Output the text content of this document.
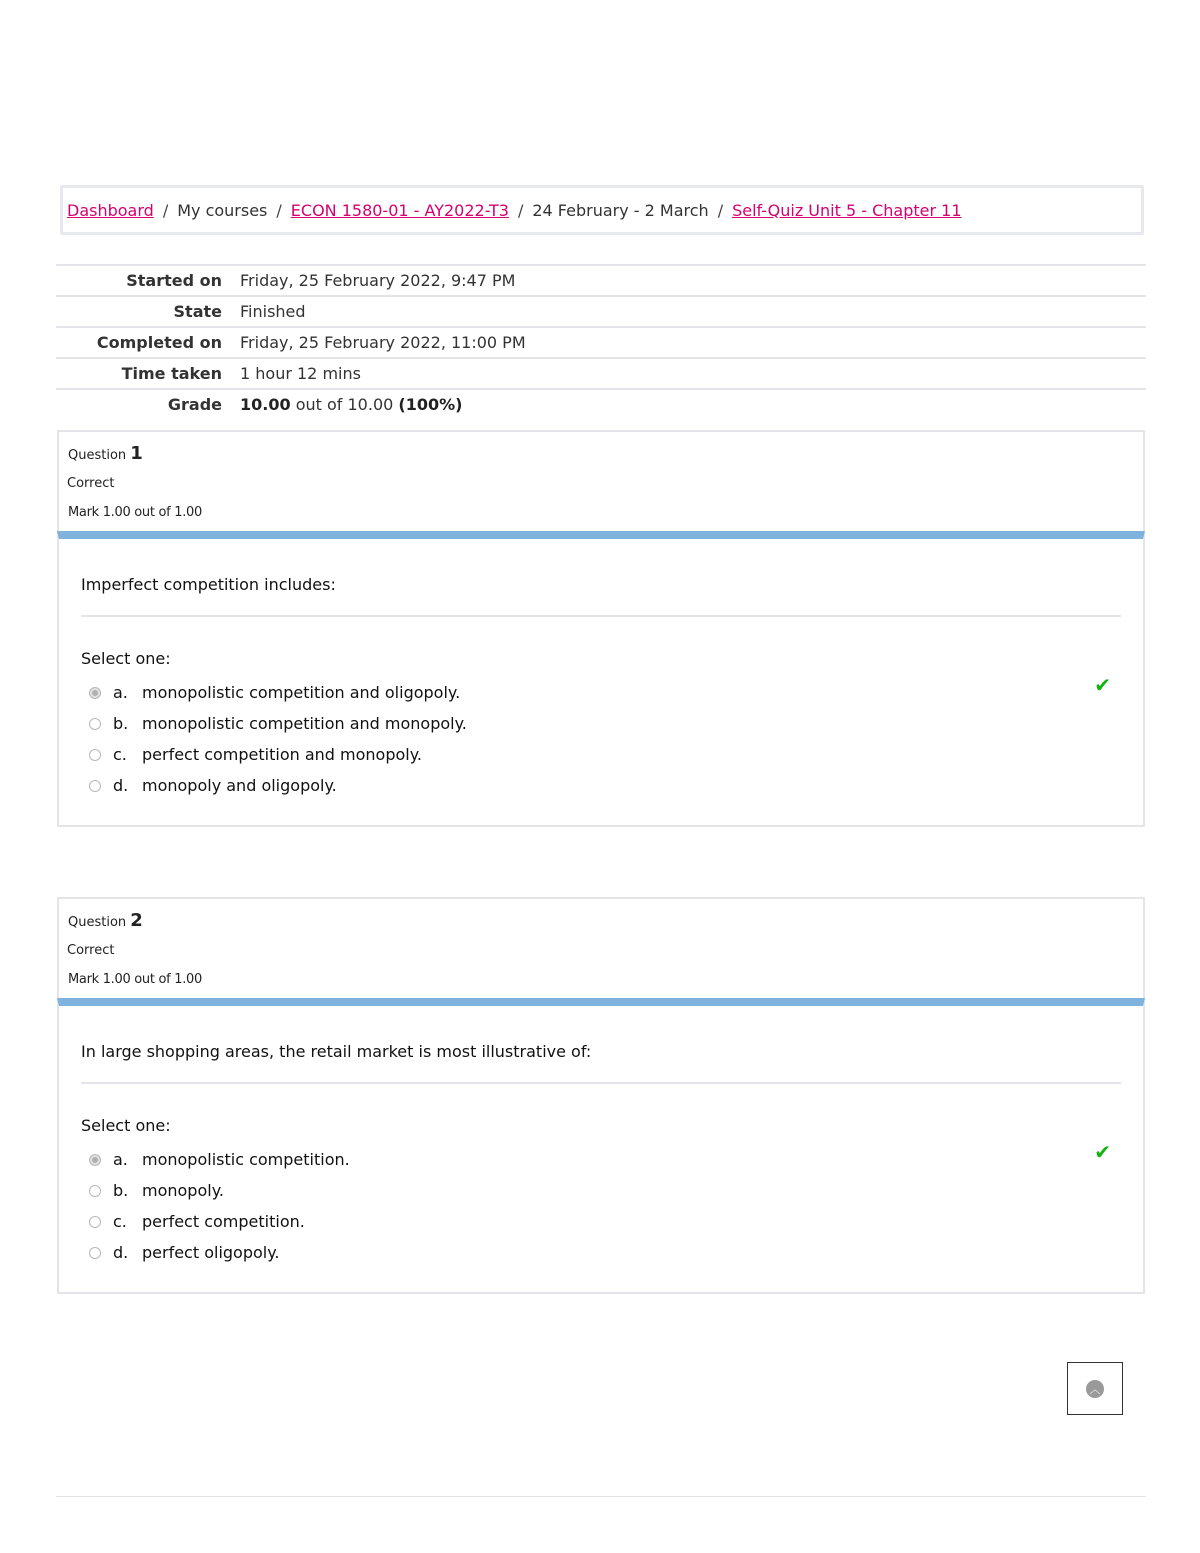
Dashboard / My courses / ECON 1580-01 - AY2022-T3 / 24 February - 2 March / Self-Quiz Unit 5 - Chapter 11
Started on	Friday, 25 February 2022, 9:47 PM
State	Finished
Completed on	Friday, 25 February 2022, 11:00 PM
Time taken	1 hour 12 mins
Grade	10.00 out of 10.00 (100%)
Question 1
Correct
Mark 1.00 out of 1.00
Imperfect competition includes:
Select one:
a. monopolistic competition and oligopoly.
b. monopolistic competition and monopoly.
c. perfect competition and monopoly.
d. monopoly and oligopoly.
✔
Question 2
Correct
Mark 1.00 out of 1.00
In large shopping areas, the retail market is most illustrative of:
Select one:
a. monopolistic competition.
b. monopoly.
c. perfect competition.
d. perfect oligopoly.
✔
︿
